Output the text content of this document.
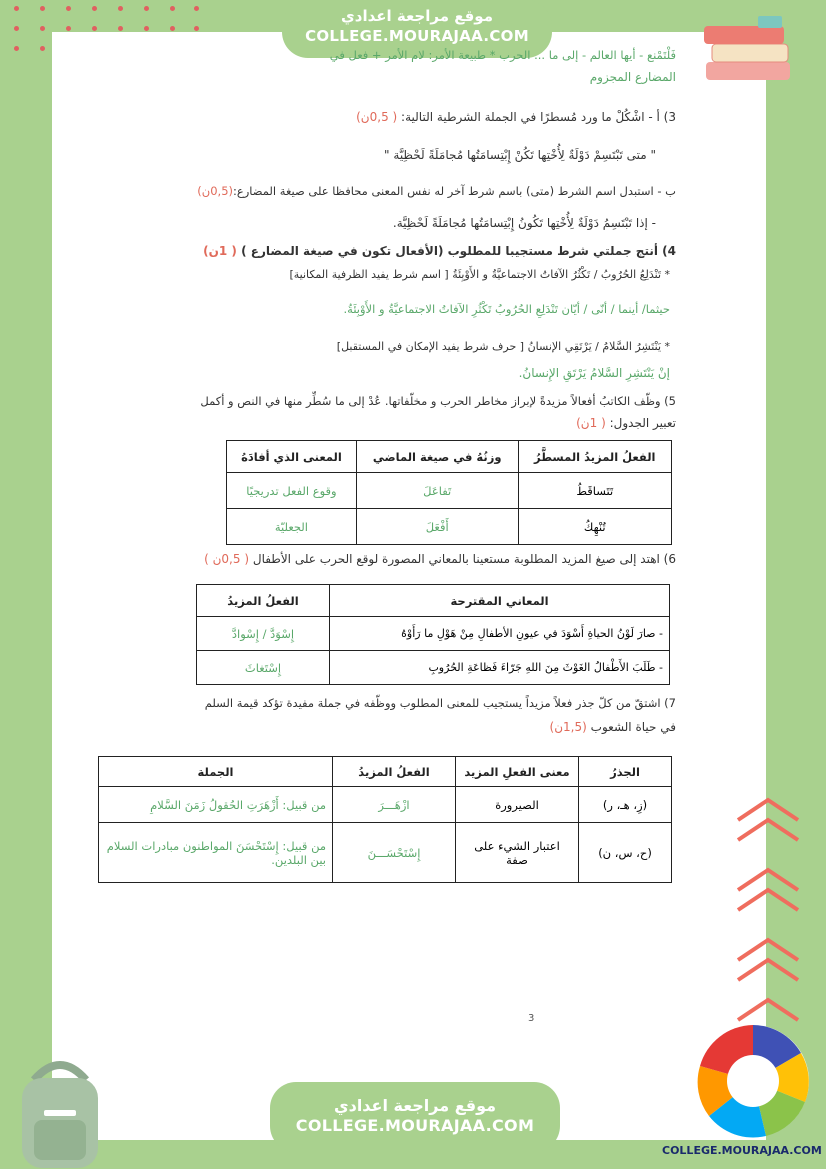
موقع مراجعة اعدادي
COLLEGE.MOURAJAA.COM
فَلْتَمْنع - أيها العالم - إلى ما ... الحرب * طبيعة الأمر: لام الأمر + فعل في
المضارع المجزوم
3) أ - اشْكُلْ ما ورد مُسطرًا في الجملة الشرطية التالية: ( 0,5ن)
" متى تَبْتَسِمْ دَوْلَةٌ لِأُخْتِها تَكُنْ إِبْتِسامَتُها مُجامَلَةً لَحْظِيَّة "
ب - استبدل اسم الشرط (متى) باسم شرط آخر له نفس المعنى محافظا على صيغة المضارع:(0,5ن)
- إذا تَبْتَسِمُ دَوْلَةٌ لِأُخْتِها تَكُونُ إِبْتِسامَتُها مُجامَلَةً لَحْظِيَّة.
4) أنتج جملتي شرط مستجيبا للمطلوب (الأفعال تكون في صيغة المضارع ) ( 1ن)
* تَنْدَلِعُ الحُرُوبُ / تَكْثُرُ الآفاتُ الاجتماعيَّةُ و الأَوْبِئَةُ [ اسم شرط يفيد الظرفية المكانية]
حيثما/ أينما / أنّى / أيّان تَنْدَلِعِ الحُرُوبُ تَكْثُرِ الآفاتُ الاجتماعيَّةُ و الأَوْبِئَةُ.
* يَنْتَشِرُ السَّلامُ / يَرْتَقِي الإنسانُ [ حرف شرط يفيد الإمكان في المستقبل]
إنْ يَنْتَشِرِ السَّلامُ يَرْتَقِ الإِنسانُ.
5) وظّف الكاتبُ أفعالاً مزيدةً لإبراز مخاطر الحرب و مخلّفاتها. عُدْ إلى ما سُطِّر منها في النص و أكمل
تعبير الجدول: ( 1ن)
الفعلُ المزيدُ المسطَّرُ	وزنُهُ في صيغة الماضي	المعنى الذي أفادَهُ
تَتَساقَطُ	تَفاعَلَ	وقوع الفعل تدريجيًا
تُنْهِكُ	أَفْعَلَ	الجعليّة
6) اهتد إلى صيغ المزيد المطلوبة مستعينا بالمعاني المصورة لوقع الحرب على الأطفال ( 0,5ن )
المعاني المقترحة	الفعلُ المزيدُ
- صارَ لَوْنُ الحياةِ أَسْوَدَ في عيونِ الأطفالِ مِنْ هَوْلِ ما رَأَوْهُ	إِسْوَدَّ / إِسْوادَّ
- طَلَبَ الأَطْفالُ الغَوْثَ مِنَ اللهِ جَرّاءَ فَظاعَةِ الحُرُوبِ	إِسْتَغاثَ
7) اشتقّ من كلّ جذر فعلاً مزيداً يستجيب للمعنى المطلوب ووظّفه في جملة مفيدة تؤكد قيمة السلم
في حياة الشعوب (1,5ن)
الجذرُ	معنى الفعلِ المزيد	الفعلُ المزيدُ	الجملة
(زِ، هـ، ر)	الصيرورة	ازْهَـــرَ	من قبيل: أَزْهَرَتِ الحُقولُ زَمَنَ السَّلامِ
(ح، س، ن)	اعتبار الشيء على صفة	إِسْتَحْسَـــنَ	من قبيل: إِسْتَحْسَنَ المواطنون مبادرات السلام بين البلدين.
3
موقع مراجعة اعدادي
COLLEGE.MOURAJAA.COM
COLLEGE.MOURAJAA.COM
